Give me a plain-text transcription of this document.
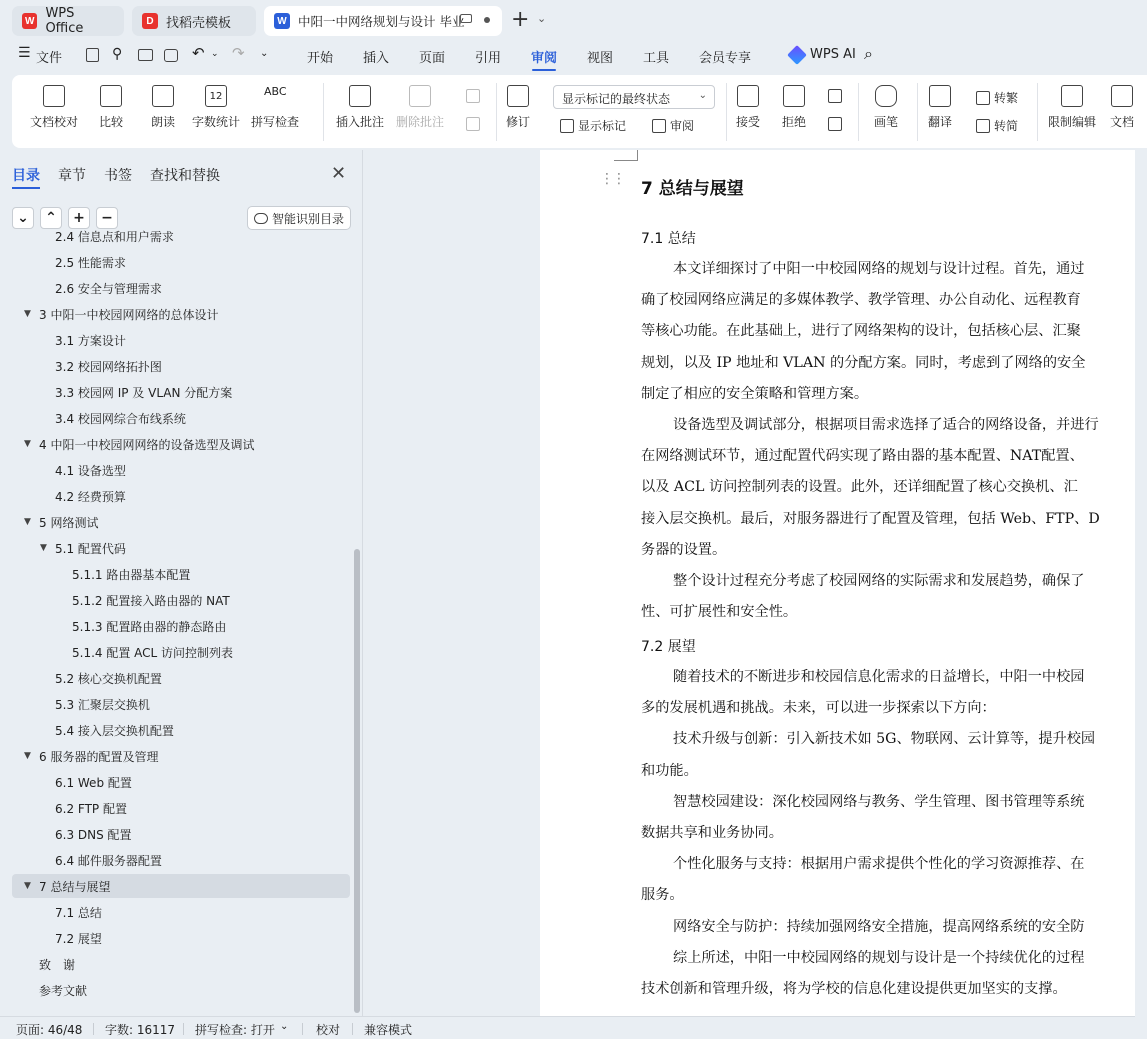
W WPS Office	D 找稻壳模板	W 中阳一中网络规划与设计 毕业 + ⌄
☰ 文件	⚲	↶ ⌄ ↷ ⌄	开始 插入 页面 引用 审阅 视图 工具 会员专享	WPS AI ⌕
文档校对 比较 朗读
12
字数统计
ABC
拼写检查	插入批注 删除批注	修订
显示标记的最终状态	⌄
显示标记	审阅	接受 拒绝	画笔 翻译
转繁
转简 限制编辑 文档
目录 章节 书签 查找和替换	✕
⌄	⌃	+	−	智能识别目录
2.4 信息点和用户需求
2.5 性能需求
2.6 安全与管理需求
▼ 3 中阳一中校园网网络的总体设计
3.1 方案设计
3.2 校园网络拓扑图
3.3 校园网 IP 及 VLAN 分配方案
3.4 校园网综合布线系统
▼ 4 中阳一中校园网网络的设备选型及调试
4.1 设备选型
4.2 经费预算
▼ 5 网络测试
▼ 5.1 配置代码
5.1.1 路由器基本配置
5.1.2 配置接入路由器的 NAT
5.1.3 配置路由器的静态路由
5.1.4 配置 ACL 访问控制列表
5.2 核心交换机配置
5.3 汇聚层交换机
5.4 接入层交换机配置
▼ 6 服务器的配置及管理
6.1 Web 配置
6.2 FTP 配置
6.3 DNS 配置
6.4 邮件服务器配置
▼ 7 总结与展望
7.1 总结
7.2 展望
致　谢
参考文献
7 总结与展望
7.1 总结
7.2 展望
本文详细探讨了中阳一中校园网络的规划与设计过程。首先，通过
确了校园网络应满足的多媒体教学、教学管理、办公自动化、远程教育
等核心功能。在此基础上，进行了网络架构的设计，包括核心层、汇聚
规划，以及 IP 地址和 VLAN 的分配方案。同时，考虑到了网络的安全
制定了相应的安全策略和管理方案。
设备选型及调试部分，根据项目需求选择了适合的网络设备，并进行
在网络测试环节，通过配置代码实现了路由器的基本配置、NAT配置、
以及 ACL 访问控制列表的设置。此外，还详细配置了核心交换机、汇
接入层交换机。最后，对服务器进行了配置及管理，包括 Web、FTP、D
务器的设置。
整个设计过程充分考虑了校园网络的实际需求和发展趋势，确保了
性、可扩展性和安全性。
随着技术的不断进步和校园信息化需求的日益增长，中阳一中校园
多的发展机遇和挑战。未来，可以进一步探索以下方向：
技术升级与创新：引入新技术如 5G、物联网、云计算等，提升校园
和功能。
智慧校园建设：深化校园网络与教务、学生管理、图书管理等系统
数据共享和业务协同。
个性化服务与支持：根据用户需求提供个性化的学习资源推荐、在
服务。
网络安全与防护：持续加强网络安全措施，提高网络系统的安全防
综上所述，中阳一中校园网络的规划与设计是一个持续优化的过程
技术创新和管理升级，将为学校的信息化建设提供更加坚实的支撑。
⋮⋮
页面: 46/48 字数: 16117 拼写检查: 打开 ⌄ 校对 兼容模式
